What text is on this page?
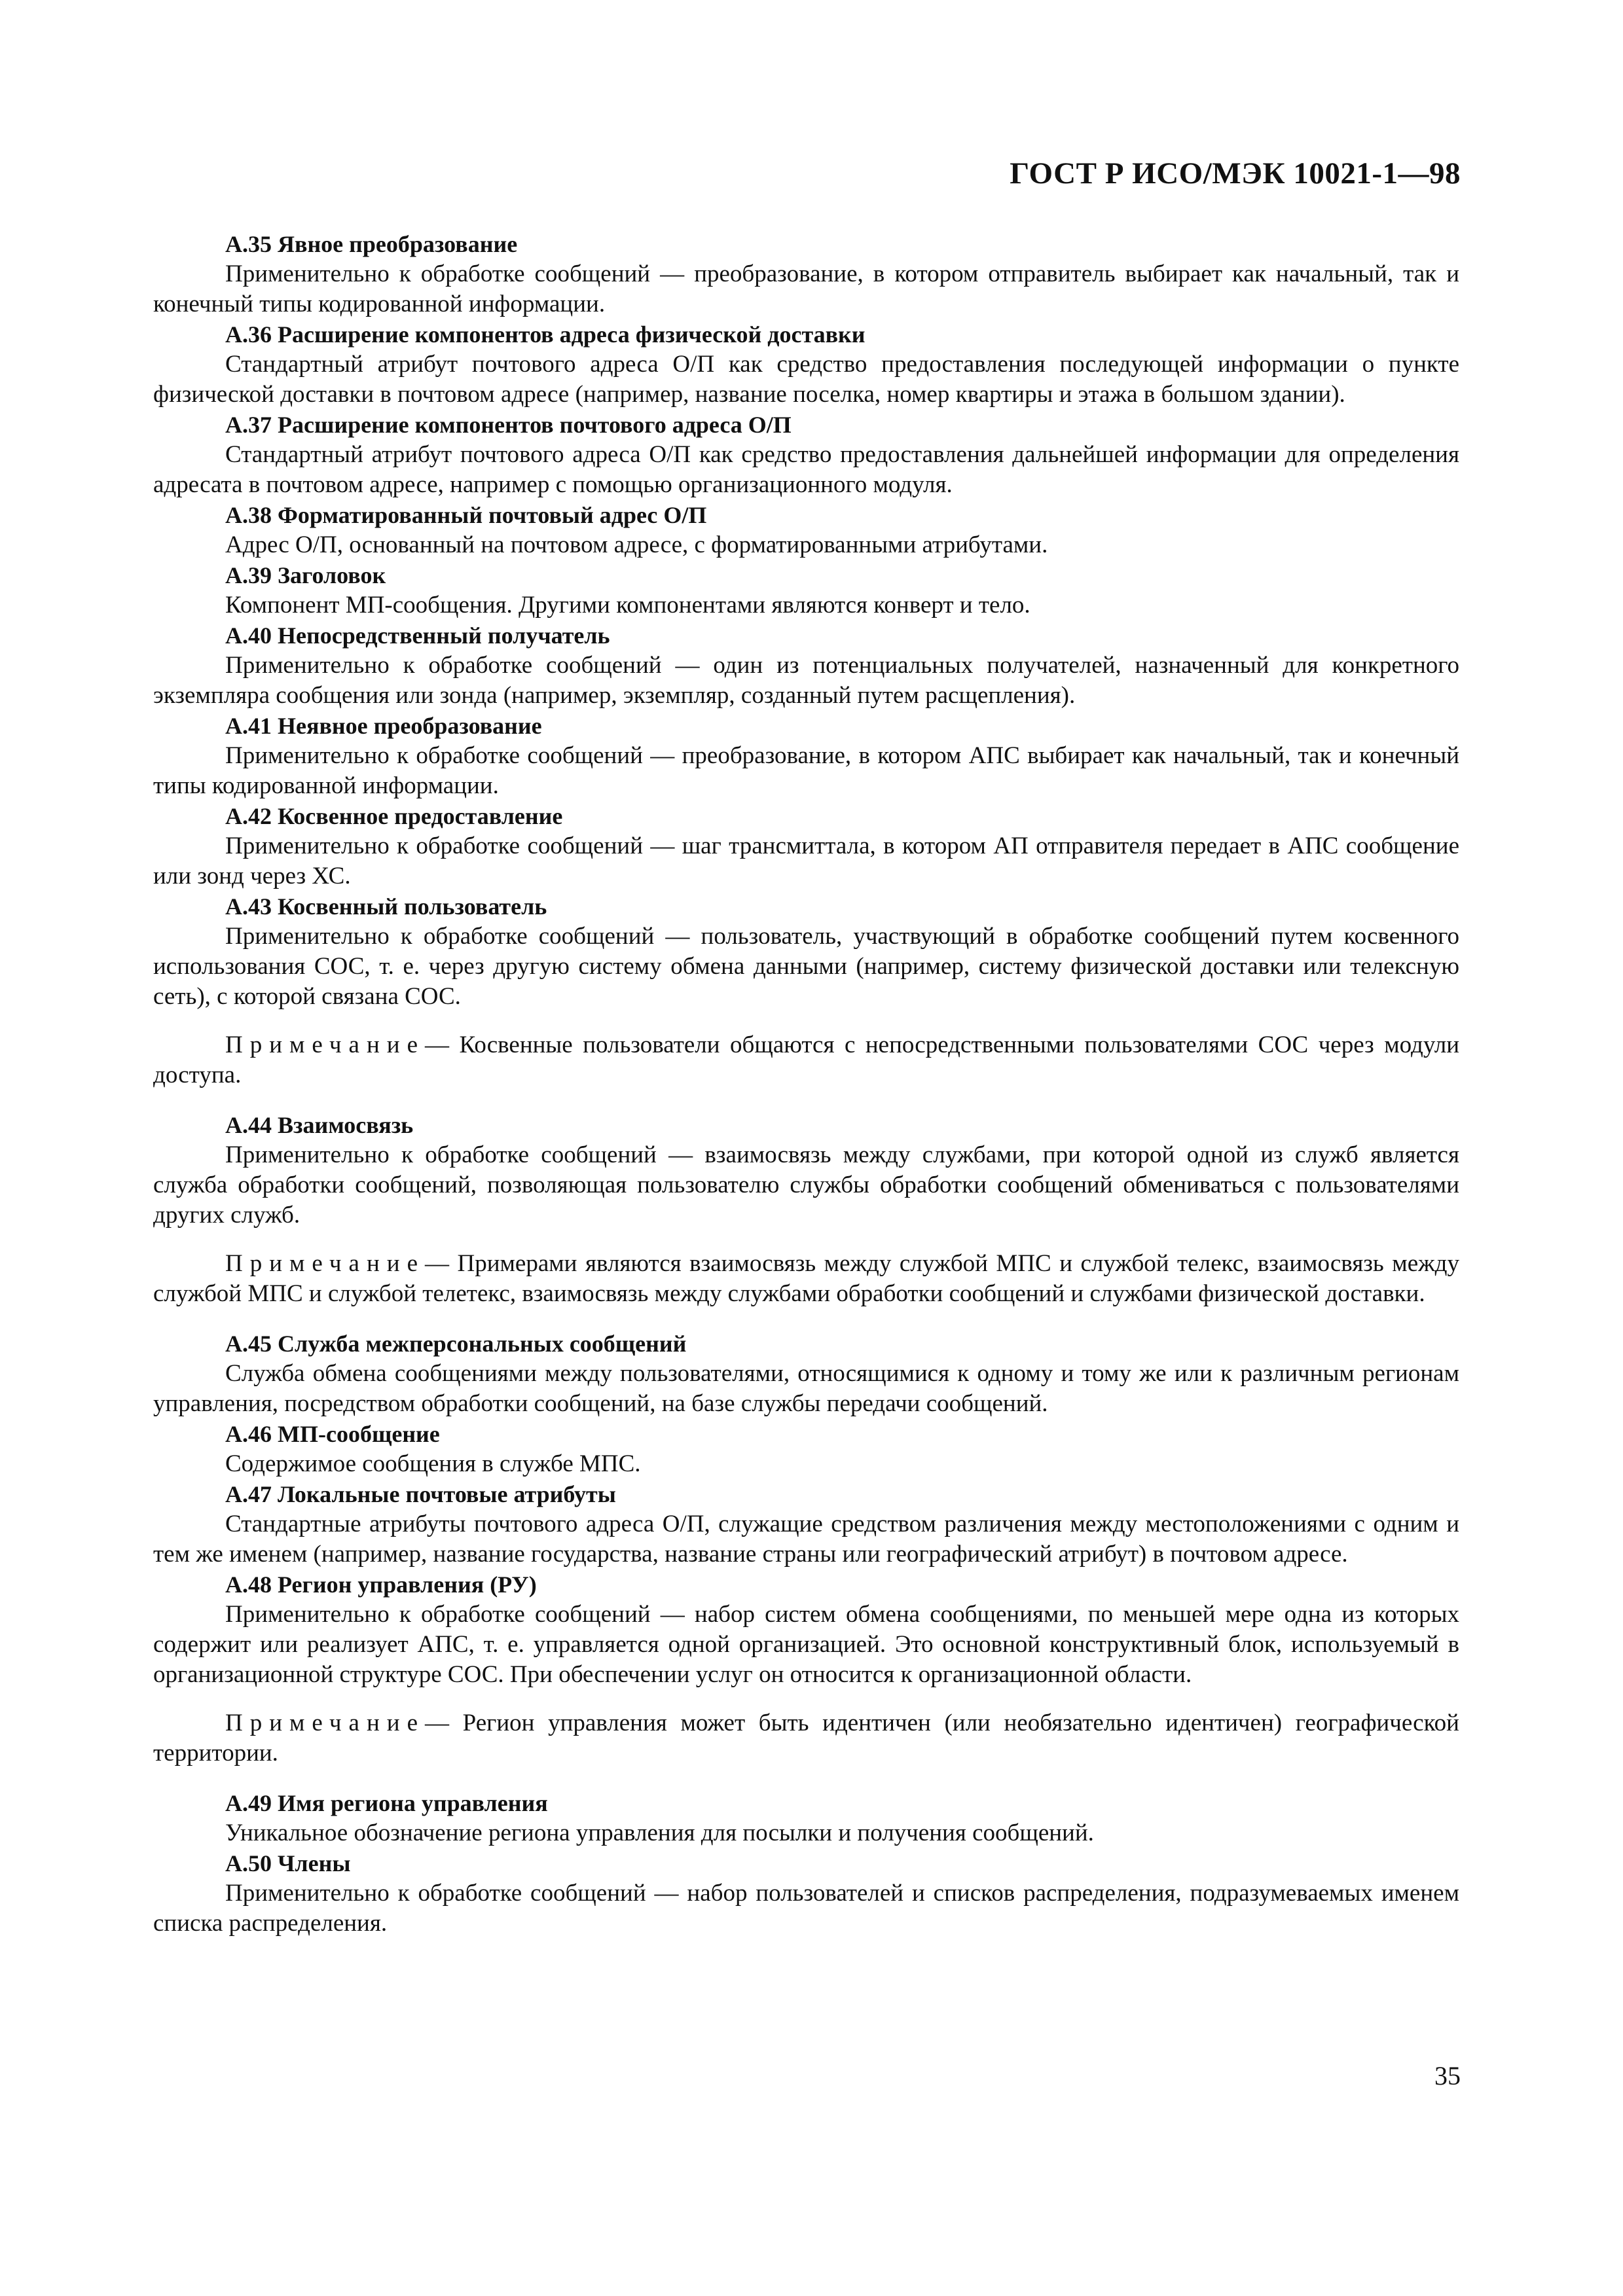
ГОСТ Р ИСО/МЭК 10021-1—98

А.35 Явное преобразование

Применительно к обработке сообщений — преобразование, в котором отправитель выбирает как начальный, так и конечный типы кодированной информации.

А.36 Расширение компонентов адреса физической доставки

Стандартный атрибут почтового адреса О/П как средство предоставления последующей информации о пункте физической доставки в почтовом адресе (например, название поселка, номер квартиры и этажа в большом здании).

А.37 Расширение компонентов почтового адреса О/П

Стандартный атрибут почтового адреса О/П как средство предоставления дальнейшей информации для определения адресата в почтовом адресе, например с помощью организационного модуля.

А.38 Форматированный почтовый адрес О/П

Адрес О/П, основанный на почтовом адресе, с форматированными атрибутами.

А.39 Заголовок

Компонент МП-сообщения. Другими компонентами являются конверт и тело.

А.40 Непосредственный получатель

Применительно к обработке сообщений — один из потенциальных получателей, назначенный для конкретного экземпляра сообщения или зонда (например, экземпляр, созданный путем расщепления).

А.41 Неявное преобразование

Применительно к обработке сообщений — преобразование, в котором АПС выбирает как начальный, так и конечный типы кодированной информации.

А.42 Косвенное предоставление

Применительно к обработке сообщений — шаг трансмиттала, в котором АП отправителя передает в АПС сообщение или зонд через ХС.

А.43 Косвенный пользователь

Применительно к обработке сообщений — пользователь, участвующий в обработке сообщений путем косвенного использования СОС, т. е. через другую систему обмена данными (например, систему физической доставки или телексную сеть), с которой связана СОС.

Примечание— Косвенные пользователи общаются с непосредственными пользователями СОС через модули доступа.

А.44 Взаимосвязь

Применительно к обработке сообщений — взаимосвязь между службами, при которой одной из служб является служба обработки сообщений, позволяющая пользователю службы обработки сообщений обмениваться с пользователями других служб.

Примечание— Примерами являются взаимосвязь между службой МПС и службой телекс, взаимосвязь между службой МПС и службой телетекс, взаимосвязь между службами обработки сообщений и службами физической доставки.

А.45 Служба межперсональных сообщений

Служба обмена сообщениями между пользователями, относящимися к одному и тому же или к различным регионам управления, посредством обработки сообщений, на базе службы передачи сообщений.

А.46 МП-сообщение

Содержимое сообщения в службе МПС.

А.47 Локальные почтовые атрибуты

Стандартные атрибуты почтового адреса О/П, служащие средством различения между местоположениями с одним и тем же именем (например, название государства, название страны или географический атрибут) в почтовом адресе.

А.48 Регион управления (РУ)

Применительно к обработке сообщений — набор систем обмена сообщениями, по меньшей мере одна из которых содержит или реализует АПС, т. е. управляется одной организацией. Это основной конструктивный блок, используемый в организационной структуре СОС. При обеспечении услуг он относится к организационной области.

Примечание— Регион управления может быть идентичен (или необязательно идентичен) географической территории.

А.49 Имя региона управления

Уникальное обозначение региона управления для посылки и получения сообщений.

А.50 Члены

Применительно к обработке сообщений — набор пользователей и списков распределения, подразумеваемых именем списка распределения.

35
